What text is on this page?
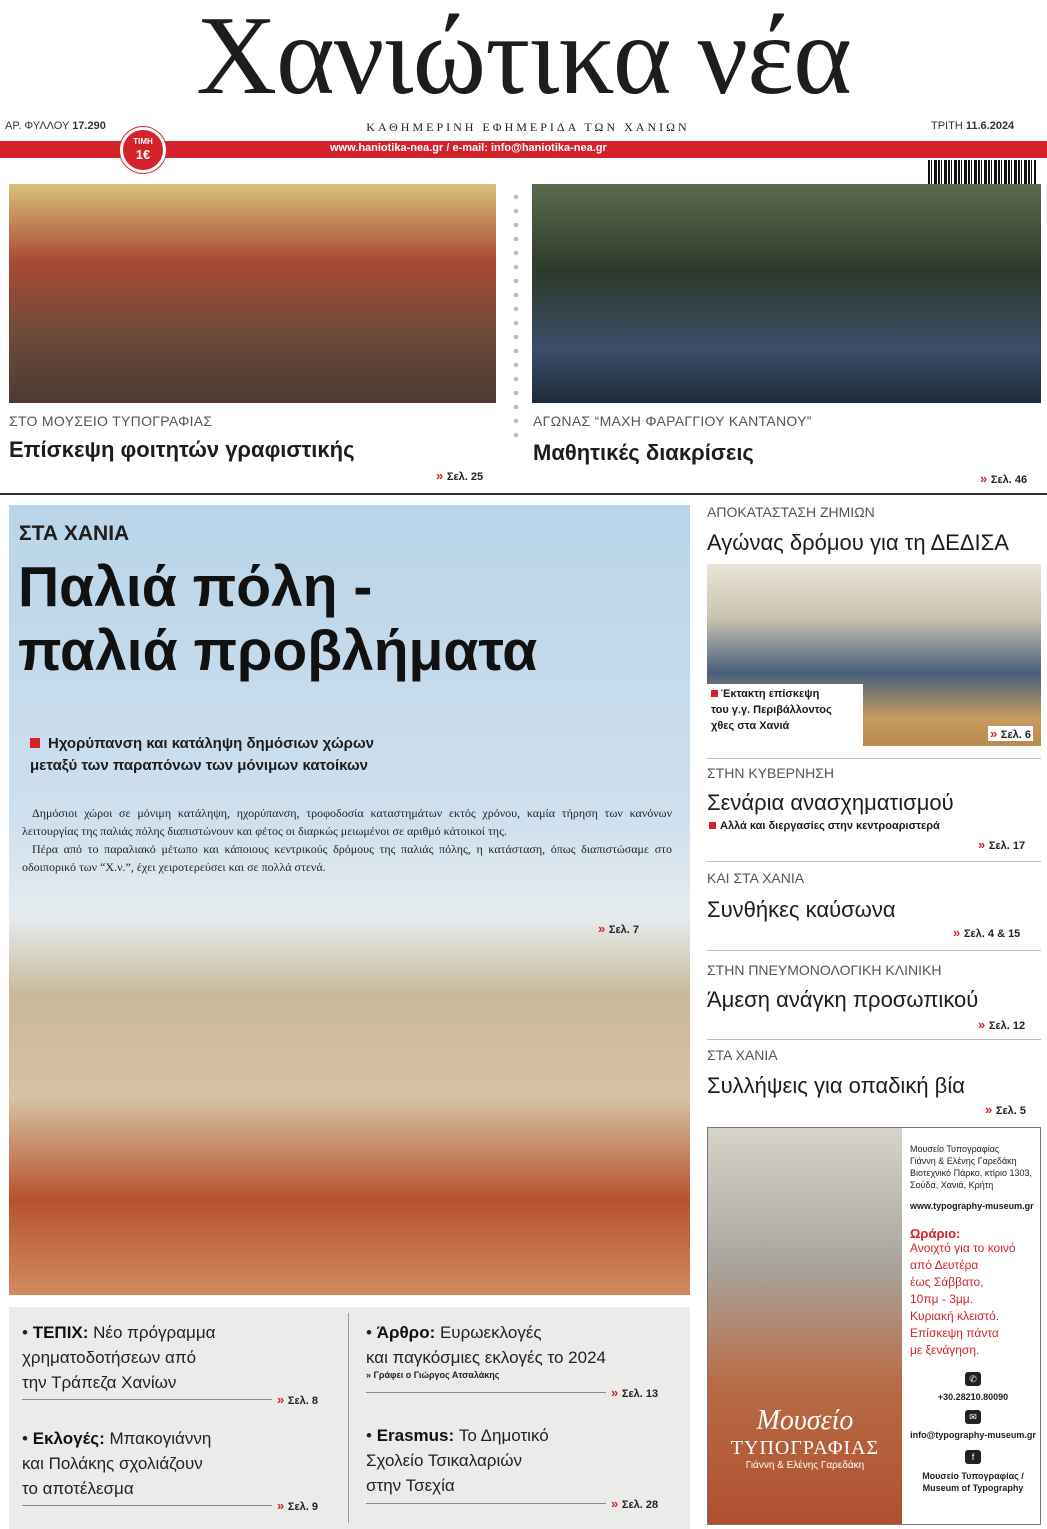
Χανιώτικα νέα
ΑΡ. ΦΥΛΛΟΥ 17.290	ΚΑΘΗΜΕΡΙΝΗ ΕΦΗΜΕΡΙΔΑ ΤΩΝ ΧΑΝΙΩΝ	ΤΡΙΤΗ 11.6.2024
www.haniotika-nea.gr / e-mail: info@haniotika-nea.gr
ΤΙΜΗ
1€
ΣΤΟ ΜΟΥΣΕΙΟ ΤΥΠΟΓΡΑΦΙΑΣ
Επίσκεψη φοιτητών γραφιστικής
» Σελ. 25
ΑΓΩΝΑΣ “ΜΑΧΗ ΦΑΡΑΓΓΙΟΥ ΚΑΝΤΑΝΟΥ”
Μαθητικές διακρίσεις
» Σελ. 46
ΣΤΑ ΧΑΝΙΑ
Παλιά πόλη -
παλιά προβλήματα
Ηχορύπανση και κατάληψη δημόσιων χώρων
μεταξύ των παραπόνων των μόνιμων κατοίκων

Δημόσιοι χώροι σε μόνιμη κατάληψη, ηχορύπανση, τροφοδοσία καταστημάτων εκτός χρόνου, καμία τήρηση των κανόνων λειτουργίας της παλιάς πόλης διαπιστώνουν και φέτος οι διαρκώς μειωμένοι σε αριθμό κάτοικοί της.

Πέρα από το παραλιακό μέτωπο και κάποιους κεντρικούς δρόμους της παλιάς πόλης, η κατάσταση, όπως διαπιστώσαμε στο οδοιπορικό των “Χ.ν.”, έχει χειροτερεύσει και σε πολλά στενά.

» Σελ. 7
ΑΠΟΚΑΤΑΣΤΑΣΗ ΖΗΜΙΩΝ
Αγώνας δρόμου για τη ΔΕΔΙΣΑ
Έκτακτη επίσκεψη
του γ.γ. Περιβάλλοντος
χθες στα Χανιά	» Σελ. 6
ΣΤΗΝ ΚΥΒΕΡΝΗΣΗ
Σενάρια ανασχηματισμού
Αλλά και διεργασίες στην κεντροαριστερά
» Σελ. 17
ΚΑΙ ΣΤΑ ΧΑΝΙΑ
Συνθήκες καύσωνα
» Σελ. 4 & 15
ΣΤΗΝ ΠΝΕΥΜΟΝΟΛΟΓΙΚΗ ΚΛΙΝΙΚΗ
Άμεση ανάγκη προσωπικού
» Σελ. 12
ΣΤΑ ΧΑΝΙΑ
Συλλήψεις για οπαδική βία
» Σελ. 5
• ΤΕΠΙΧ: Νέο πρόγραμμα
χρηματοδοτήσεων από
την Τράπεζα Χανίων
» Σελ. 8
• Εκλογές: Μπακογιάννη
και Πολάκης σχολιάζουν
το αποτέλεσμα
» Σελ. 9
• Άρθρο: Ευρωεκλογές
και παγκόσμιες εκλογές το 2024
» Γράφει ο Γιώργος Ατσαλάκης
» Σελ. 13
• Erasmus: Το Δημοτικό
Σχολείο Τσικαλαριών
στην Τσεχία
» Σελ. 28
Μουσείο
ΤΥΠΟΓΡΑΦΙΑΣ
Γιάννη & Ελένης Γαρεδάκη
Μουσείο Τυπογραφίας
Γιάννη & Ελένης Γαρεδάκη
Βιοτεχνικό Πάρκο, κτίριο 1303,
Σούδα, Χανιά, Κρήτη
www.typography-museum.gr
Ωράριο:
Ανοιχτό για το κοινό
από Δευτέρα
έως Σάββατο,
10πμ - 3μμ.
Κυριακή κλειστό.
Επίσκεψη πάντα
με ξενάγηση.
✆
+30.28210.80090
✉
info@typography-museum.gr
f
Μουσείο Τυπογραφίας /
Museum of Typography
